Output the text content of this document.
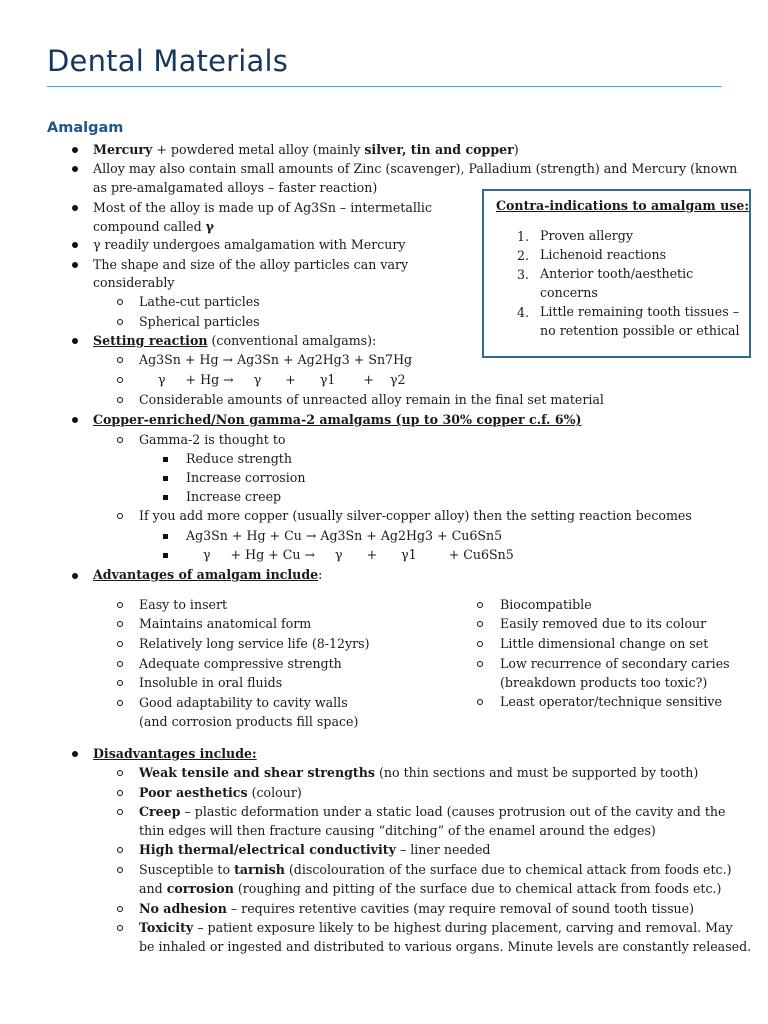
Dental Materials
Amalgam
Mercury + powdered metal alloy (mainly silver, tin and copper)
Alloy may also contain small amounts of Zinc (scavenger), Palladium (strength) and Mercury (known
as pre-amalgamated alloys – faster reaction)
Most of the alloy is made up of Ag3Sn – intermetallic
compound called γ
γ readily undergoes amalgamation with Mercury
The shape and size of the alloy particles can vary
considerably
Lathe-cut particles
Spherical particles
Setting reaction (conventional amalgams):
Ag3Sn + Hg → Ag3Sn + Ag2Hg3 + Sn7Hg
γ     + Hg →     γ      +      γ1       +    γ2
Considerable amounts of unreacted alloy remain in the final set material
Copper-enriched/Non gamma-2 amalgams (up to 30% copper c.f. 6%)
Gamma-2 is thought to
Reduce strength
Increase corrosion
Increase creep
If you add more copper (usually silver-copper alloy) then the setting reaction becomes
Ag3Sn + Hg + Cu → Ag3Sn + Ag2Hg3 + Cu6Sn5
γ     + Hg + Cu →     γ      +      γ1        + Cu6Sn5
Advantages of amalgam include:
Easy to insert
Maintains anatomical form
Relatively long service life (8-12yrs)
Adequate compressive strength
Insoluble in oral fluids
Good adaptability to cavity walls
(and corrosion products fill space)
Biocompatible
Easily removed due to its colour
Little dimensional change on set
Low recurrence of secondary caries
(breakdown products too toxic?)
Least operator/technique sensitive
Disadvantages include:
Weak tensile and shear strengths (no thin sections and must be supported by tooth)
Poor aesthetics (colour)
Creep – plastic deformation under a static load (causes protrusion out of the cavity and the
thin edges will then fracture causing “ditching” of the enamel around the edges)
High thermal/electrical conductivity – liner needed
Susceptible to tarnish (discolouration of the surface due to chemical attack from foods etc.)
and corrosion (roughing and pitting of the surface due to chemical attack from foods etc.)
No adhesion – requires retentive cavities (may require removal of sound tooth tissue)
Toxicity – patient exposure likely to be highest during placement, carving and removal. May
be inhaled or ingested and distributed to various organs. Minute levels are constantly released.
Contra-indications to amalgam use:
1. Proven allergy
2. Lichenoid reactions
3. Anterior tooth/aesthetic
concerns
4. Little remaining tooth tissues –
no retention possible or ethical
